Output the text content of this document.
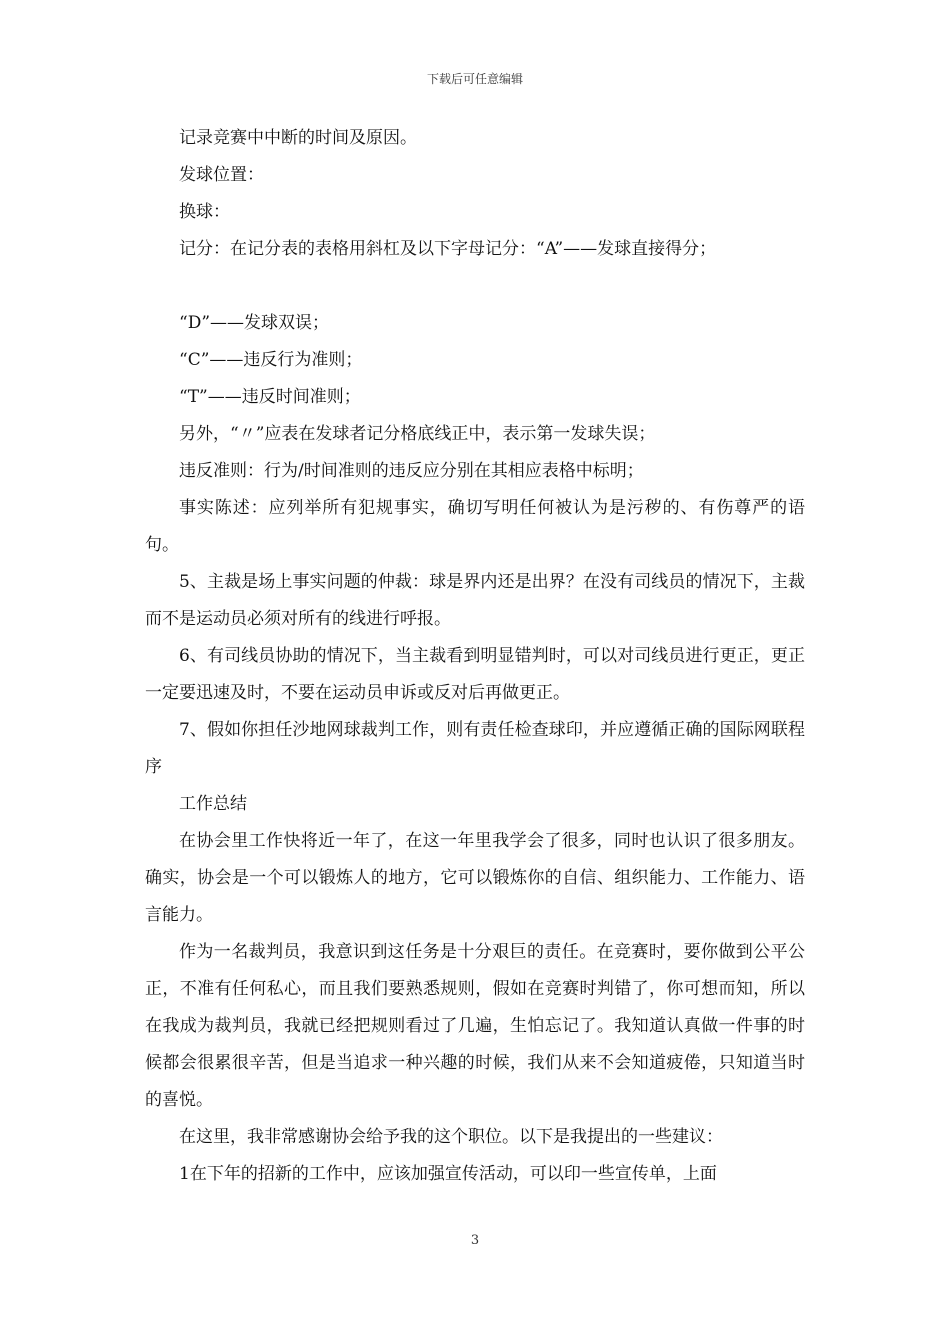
下载后可任意编辑

记录竞赛中中断的时间及原因。

发球位置：

换球：

记分：在记分表的表格用斜杠及以下字母记分：“A”——发球直接得分；

“D”——发球双误；

“C”——违反行为准则；

“T”——违反时间准则；

另外，“〃”应表在发球者记分格底线正中，表示第一发球失误；

违反准则：行为/时间准则的违反应分别在其相应表格中标明；

事实陈述：应列举所有犯规事实，确切写明任何被认为是污秽的、有伤尊严的语句。

5、主裁是场上事实问题的仲裁：球是界内还是出界？在没有司线员的情况下，主裁而不是运动员必须对所有的线进行呼报。

6、有司线员协助的情况下，当主裁看到明显错判时，可以对司线员进行更正，更正一定要迅速及时，不要在运动员申诉或反对后再做更正。

7、假如你担任沙地网球裁判工作，则有责任检查球印，并应遵循正确的国际网联程序

工作总结

在协会里工作快将近一年了，在这一年里我学会了很多，同时也认识了很多朋友。确实，协会是一个可以锻炼人的地方，它可以锻炼你的自信、组织能力、工作能力、语言能力。

作为一名裁判员，我意识到这任务是十分艰巨的责任。在竞赛时，要你做到公平公正，不准有任何私心，而且我们要熟悉规则，假如在竞赛时判错了，你可想而知，所以在我成为裁判员，我就已经把规则看过了几遍，生怕忘记了。我知道认真做一件事的时候都会很累很辛苦，但是当追求一种兴趣的时候，我们从来不会知道疲倦，只知道当时的喜悦。

在这里，我非常感谢协会给予我的这个职位。以下是我提出的一些建议：

1在下年的招新的工作中，应该加强宣传活动，可以印一些宣传单，上面

3
